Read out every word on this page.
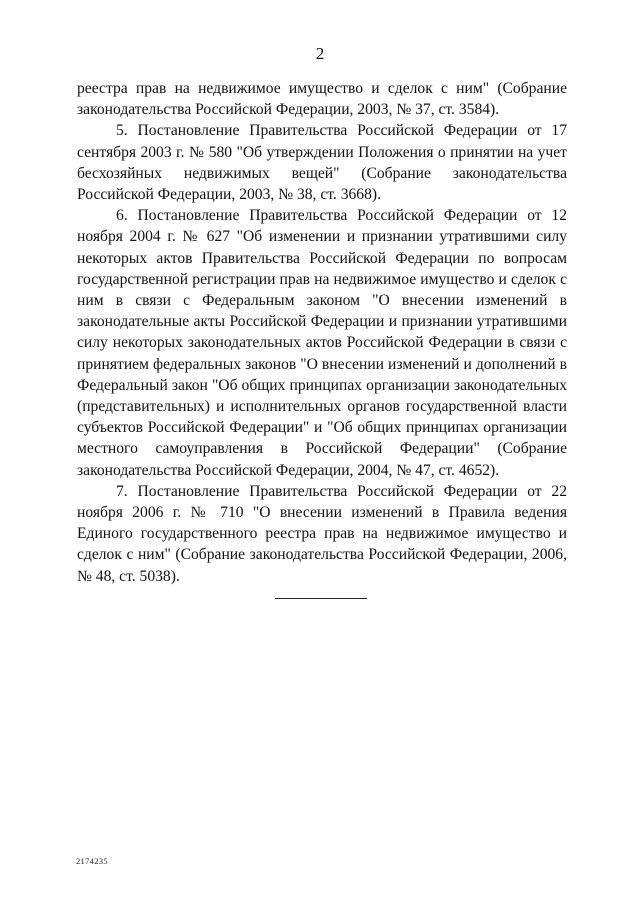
2

реестра прав на недвижимое имущество и сделок с ним" (Собрание законодательства Российской Федерации, 2003, № 37, ст. 3584).

5. Постановление Правительства Российской Федерации от 17 сентября 2003 г. № 580 "Об утверждении Положения о принятии на учет бесхозяйных недвижимых вещей" (Собрание законодательства Российской Федерации, 2003, № 38, ст. 3668).

6. Постановление Правительства Российской Федерации от 12 ноября 2004 г. № 627 "Об изменении и признании утратившими силу некоторых актов Правительства Российской Федерации по вопросам государственной регистрации прав на недвижимое имущество и сделок с ним в связи с Федеральным законом "О внесении изменений в законодательные акты Российской Федерации и признании утратившими силу некоторых законодательных актов Российской Федерации в связи с принятием федеральных законов "О внесении изменений и дополнений в Федеральный закон "Об общих принципах организации законодательных (представительных) и исполнительных органов государственной власти субъектов Российской Федерации" и "Об общих принципах организации местного самоуправления в Российской Федерации" (Собрание законодательства Российской Федерации, 2004, № 47, ст. 4652).

7. Постановление Правительства Российской Федерации от 22 ноября 2006 г. № 710 "О внесении изменений в Правила ведения Единого государственного реестра прав на недвижимое имущество и сделок с ним" (Собрание законодательства Российской Федерации, 2006, № 48, ст. 5038).

2174235
